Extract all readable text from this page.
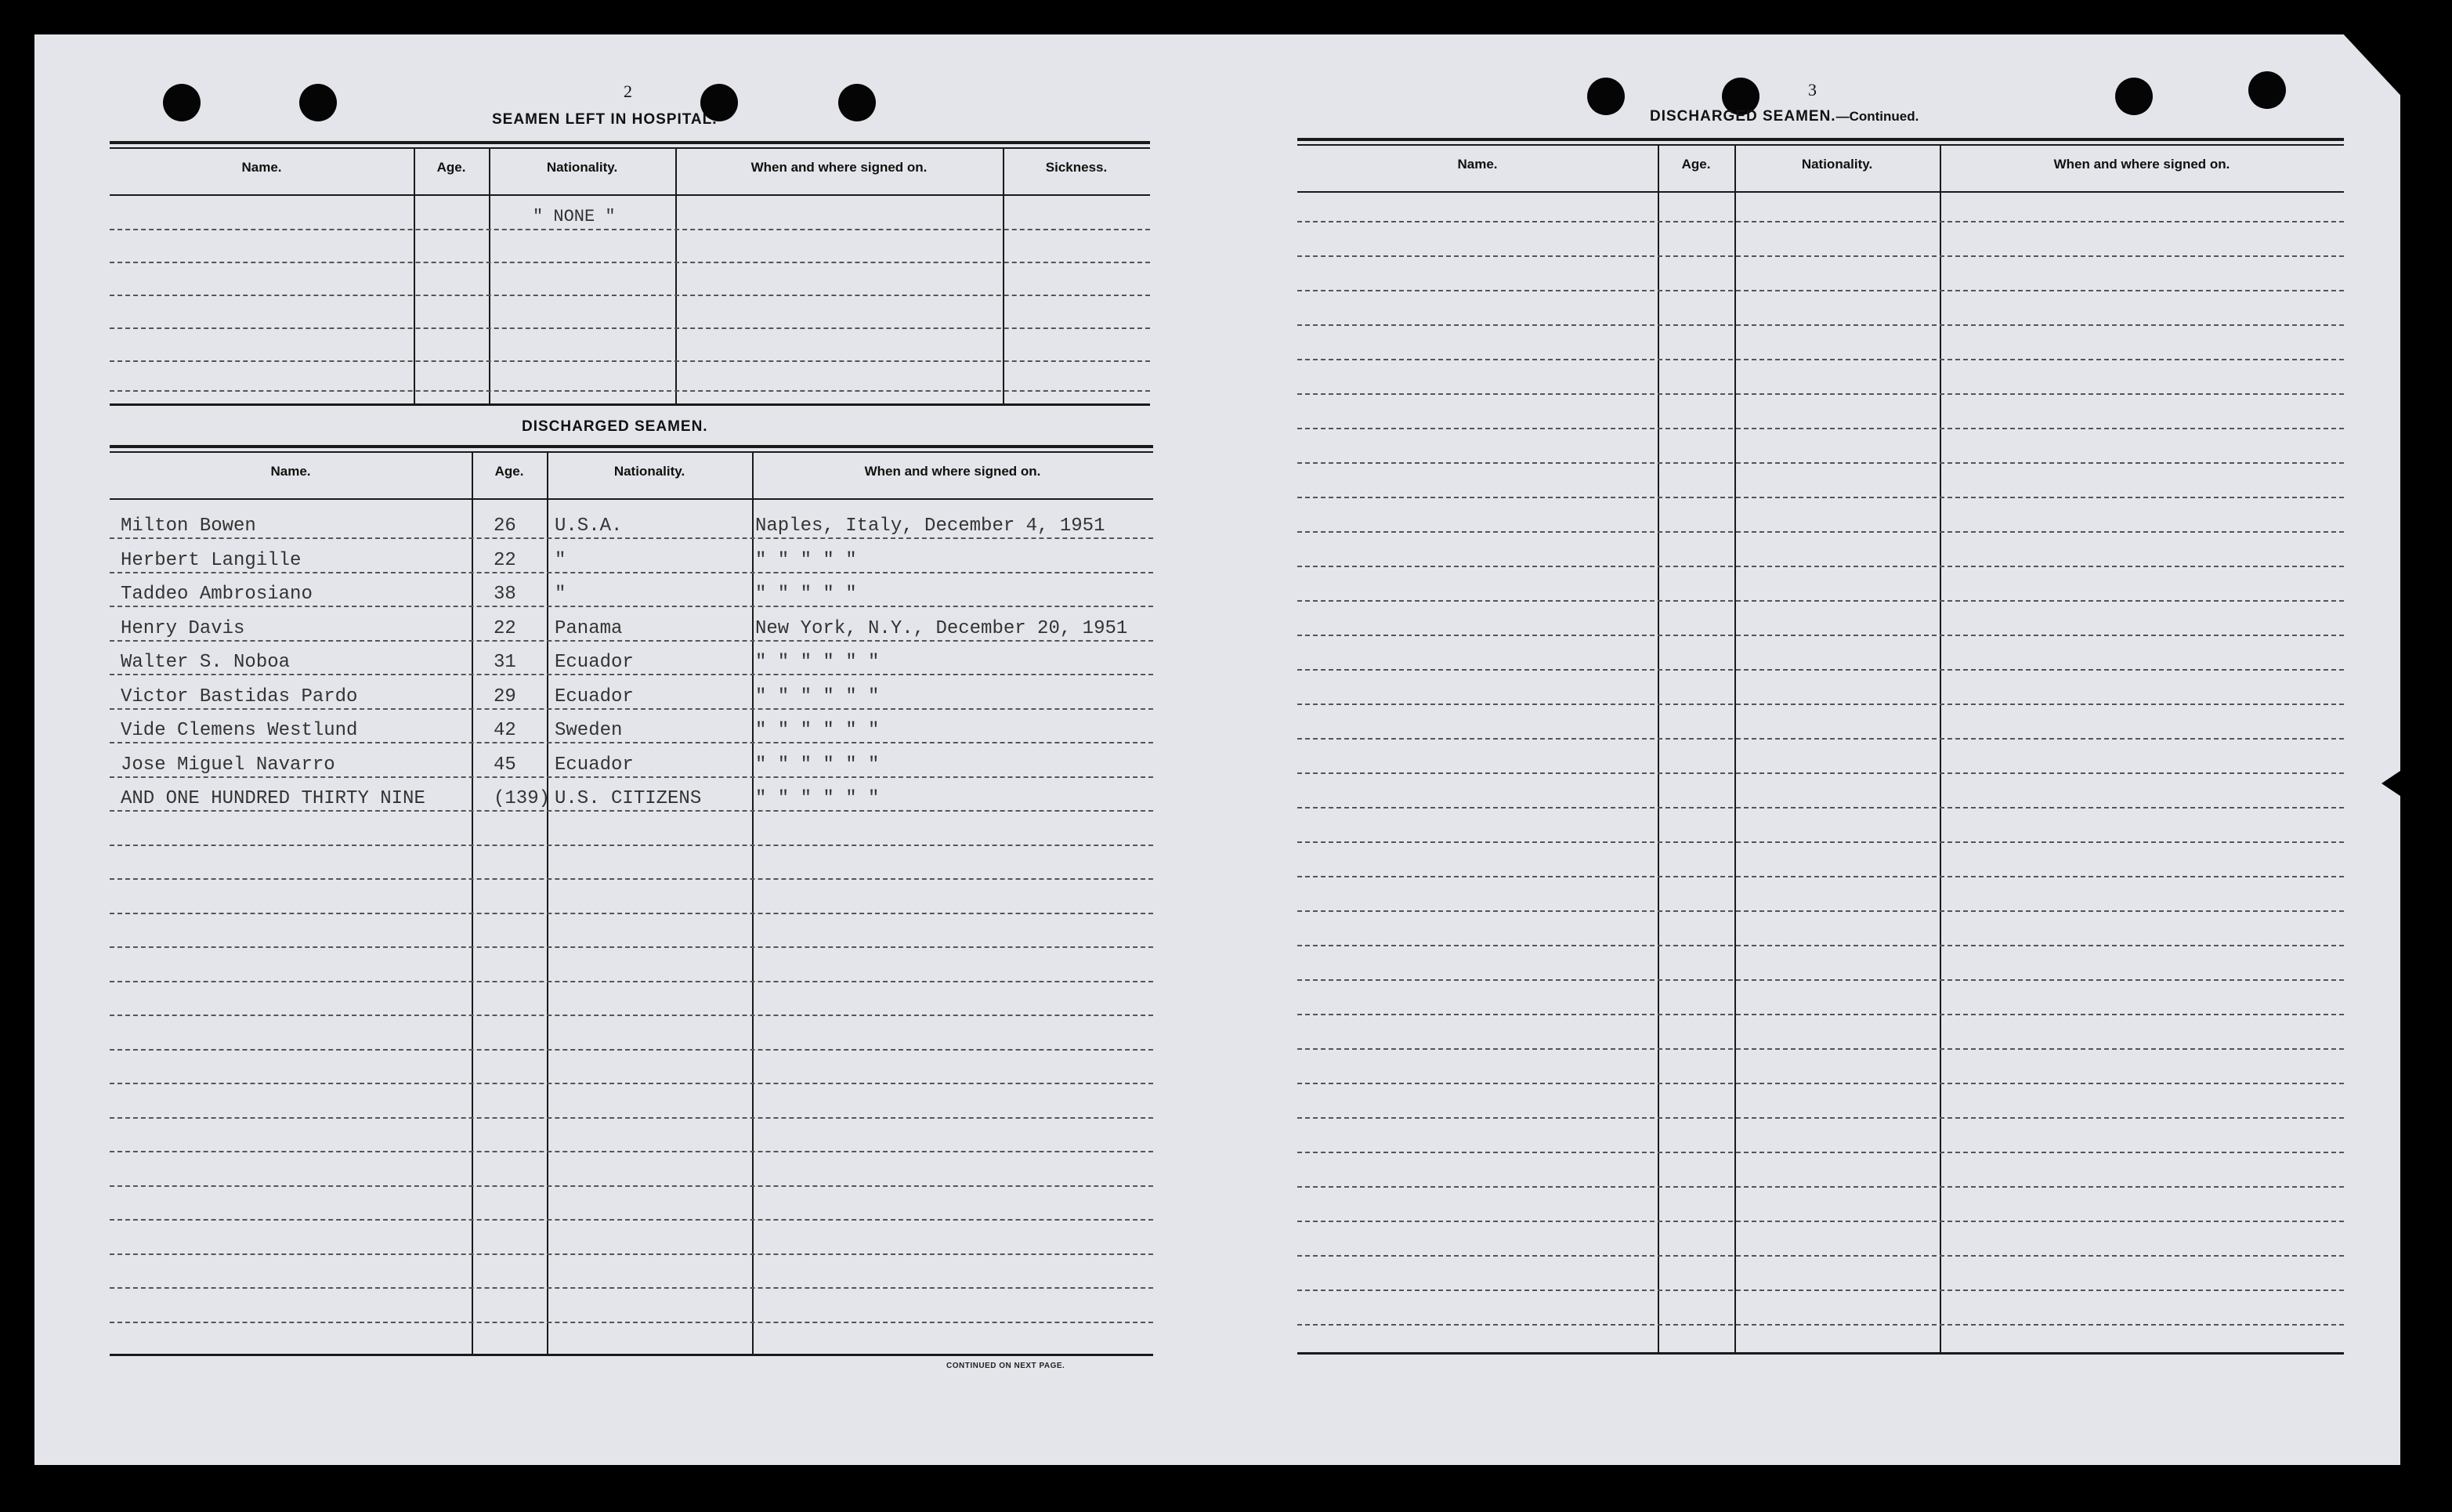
2
SEAMEN LEFT IN HOSPITAL.
Name.	Age.	Nationality.	When and where signed on.	Sickness.
" NONE "
DISCHARGED SEAMEN.
Name.	Age.	Nationality.	When and where signed on.
Milton Bowen	26 U.S.A.	Naples, Italy, December 4, 1951
Herbert Langille	22 "	" " " " "
Taddeo Ambrosiano	38 "	" " " " "
Henry Davis	22 Panama	New York, N.Y., December 20, 1951
Walter S. Noboa	31 Ecuador	" " " " " "
Victor Bastidas Pardo	29 Ecuador	" " " " " "
Vide Clemens Westlund	42 Sweden	" " " " " "
Jose Miguel Navarro	45 Ecuador	" " " " " "
AND ONE HUNDRED THIRTY NINE	(139) U.S. CITIZENS	" " " " " "
CONTINUED ON NEXT PAGE.
3
DISCHARGED SEAMEN.—Continued.
Name.	Age.	Nationality.	When and where signed on.
